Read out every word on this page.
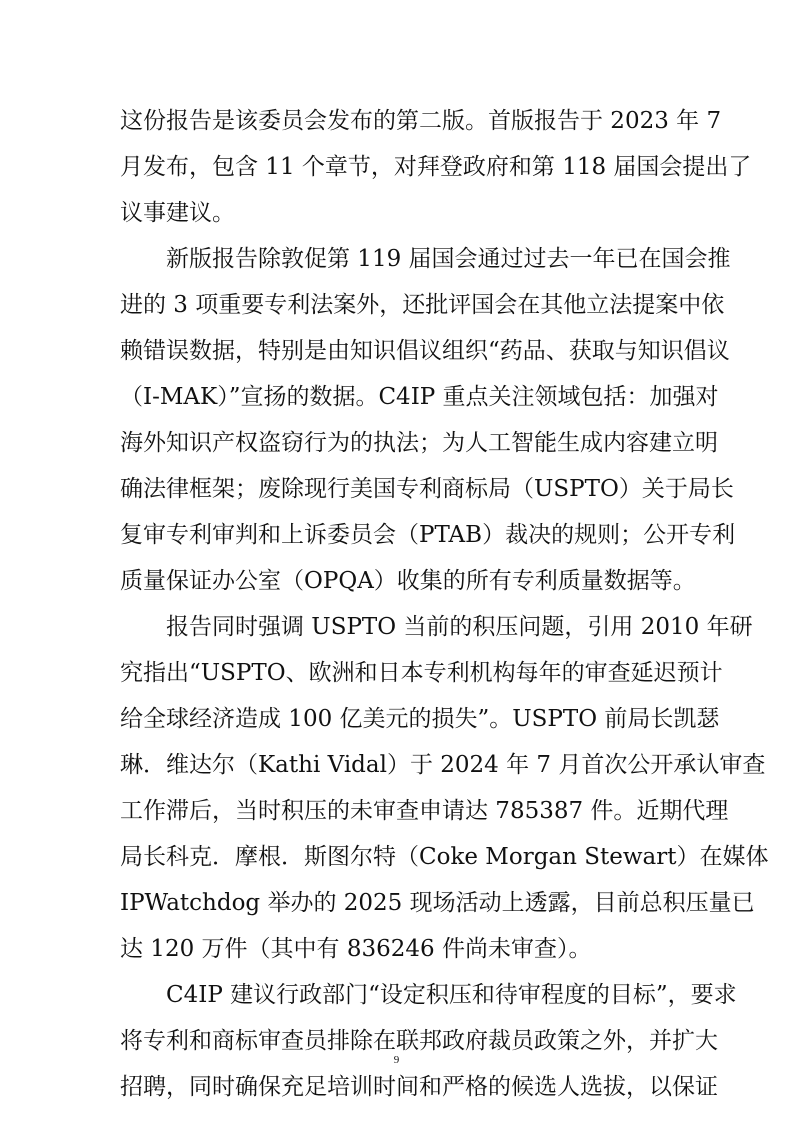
这份报告是该委员会发布的第二版。首版报告于 2023 年 7

月发布，包含 11 个章节，对拜登政府和第 118 届国会提出了

议事建议。

新版报告除敦促第 119 届国会通过过去一年已在国会推

进的 3 项重要专利法案外，还批评国会在其他立法提案中依

赖错误数据，特别是由知识倡议组织“药品、获取与知识倡议

（I-MAK）”宣扬的数据。C4IP 重点关注领域包括：加强对

海外知识产权盗窃行为的执法；为人工智能生成内容建立明

确法律框架；废除现行美国专利商标局（USPTO）关于局长

复审专利审判和上诉委员会（PTAB）裁决的规则；公开专利

质量保证办公室（OPQA）收集的所有专利质量数据等。

报告同时强调 USPTO 当前的积压问题，引用 2010 年研

究指出“USPTO、欧洲和日本专利机构每年的审查延迟预计

给全球经济造成 100 亿美元的损失”。USPTO 前局长凯瑟

琳．维达尔（Kathi Vidal）于 2024 年 7 月首次公开承认审查

工作滞后，当时积压的未审查申请达 785387 件。近期代理

局长科克．摩根．斯图尔特（Coke Morgan Stewart）在媒体

IPWatchdog 举办的 2025 现场活动上透露，目前总积压量已

达 120 万件（其中有 836246 件尚未审查）。

C4IP 建议行政部门“设定积压和待审程度的目标”，要求

将专利和商标审查员排除在联邦政府裁员政策之外，并扩大

招聘，同时确保充足培训时间和严格的候选人选拔，以保证

9
